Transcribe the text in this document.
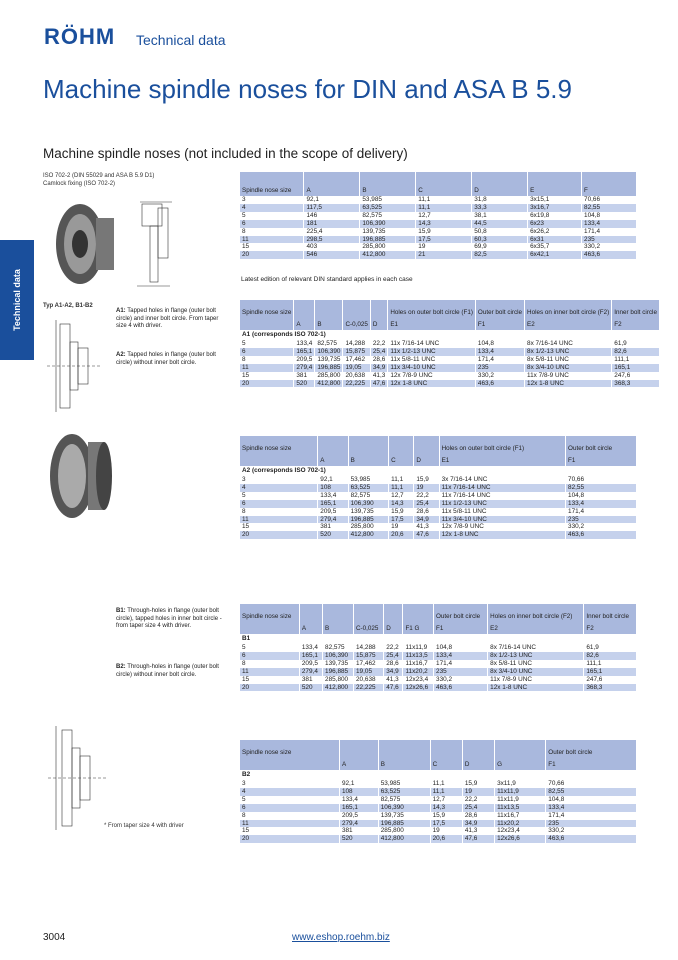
RÖHM Technical data
Machine spindle noses for DIN and ASA B 5.9
Machine spindle noses (not included in the scope of delivery)
Technical data
ISO 702-2 (DIN 55029 and ASA B 5.9 D1)
Camlock fixing (ISO 702-2)
Typ A1-A2, B1-B2
A1: Tapped holes in flange (outer bolt circle) and inner bolt circle. From taper size 4 with driver.
A2: Tapped holes in flange (outer bolt circle) without inner bolt circle.
B1: Through-holes in flange (outer bolt circle), tapped holes in inner bolt circle - from taper size 4 with driver.
B2: Through-holes in flange (outer bolt circle) without inner bolt circle.
* From taper size 4 with driver
Spindle nose size	A	B	C	D	E	F
3	92,1	53,985	11,1	31,8	3x15,1	70,66
4	117,5	63,525	11,1	33,3	3x16,7	82,55
5	146	82,575	12,7	38,1	6x19,8	104,8
6	181	106,390	14,3	44,5	6x23	133,4
8	225,4	139,735	15,9	50,8	6x26,2	171,4
11	298,5	196,885	17,5	60,3	6x31	235
15	403	285,800	19	69,9	6x35,7	330,2
20	546	412,800	21	82,5	6x42,1	463,6
Latest edition of relevant DIN standard applies in each case
Spindle nose size					Holes on outer bolt circle (F1)	Outer bolt circle	Holes on inner bolt circle (F2)	Inner bolt circle
	A	B	C-0,025	D	E1	F1	E2	F2
A1 (corresponds ISO 702-1)								
5	133,4	82,575	14,288	22,2	11x 7/16-14 UNC	104,8	8x 7/16-14 UNC	61,9
6	165,1	106,390	15,875	25,4	11x 1/2-13 UNC	133,4	8x 1/2-13 UNC	82,6
8	209,5	139,735	17,462	28,6	11x 5/8-11 UNC	171,4	8x 5/8-11 UNC	111,1
11	279,4	196,885	19,05	34,9	11x 3/4-10 UNC	235	8x 3/4-10 UNC	165,1
15	381	285,800	20,638	41,3	12x 7/8-9 UNC	330,2	11x 7/8-9 UNC	247,6
20	520	412,800	22,225	47,6	12x 1-8 UNC	463,6	12x 1-8 UNC	368,3
Spindle nose size					Holes on outer bolt circle (F1)	Outer bolt circle
	A	B	C	D	E1	F1
A2 (corresponds ISO 702-1)						
3	92,1	53,985	11,1	15,9	3x 7/16-14 UNC	70,66
4	108	63,525	11,1	19	11x 7/16-14 UNC	82,55
5	133,4	82,575	12,7	22,2	11x 7/16-14 UNC	104,8
6	165,1	106,390	14,3	25,4	11x 1/2-13 UNC	133,4
8	209,5	139,735	15,9	28,6	11x 5/8-11 UNC	171,4
11	279,4	196,885	17,5	34,9	11x 3/4-10 UNC	235
15	381	285,800	19	41,3	12x 7/8-9 UNC	330,2
20	520	412,800	20,6	47,6	12x 1-8 UNC	463,6
Spindle nose size						Outer bolt circle	Holes on inner bolt circle (F2)	Inner bolt circle
	A	B	C-0,025	D	F1 G	F1	E2	F2
B1								
5	133,4	82,575	14,288	22,2	11x11,9	104,8	8x 7/16-14 UNC	61,9
6	165,1	106,390	15,875	25,4	11x13,5	133,4	8x 1/2-13 UNC	82,6
8	209,5	139,735	17,462	28,6	11x16,7	171,4	8x 5/8-11 UNC	111,1
11	279,4	196,885	19,05	34,9	11x20,2	235	8x 3/4-10 UNC	165,1
15	381	285,800	20,638	41,3	12x23,4	330,2	11x 7/8-9 UNC	247,6
20	520	412,800	22,225	47,6	12x26,6	463,6	12x 1-8 UNC	368,3
Spindle nose size						Outer bolt circle
	A	B	C	D	G	F1
B2						
3	92,1	53,985	11,1	15,9	3x11,9	70,66
4	108	63,525	11,1	19	11x11,9	82,55
5	133,4	82,575	12,7	22,2	11x11,9	104,8
6	165,1	106,390	14,3	25,4	11x13,5	133,4
8	209,5	139,735	15,9	28,6	11x16,7	171,4
11	279,4	196,885	17,5	34,9	11x20,2	235
15	381	285,800	19	41,3	12x23,4	330,2
20	520	412,800	20,6	47,6	12x26,6	463,6
3004	www.eshop.roehm.biz
